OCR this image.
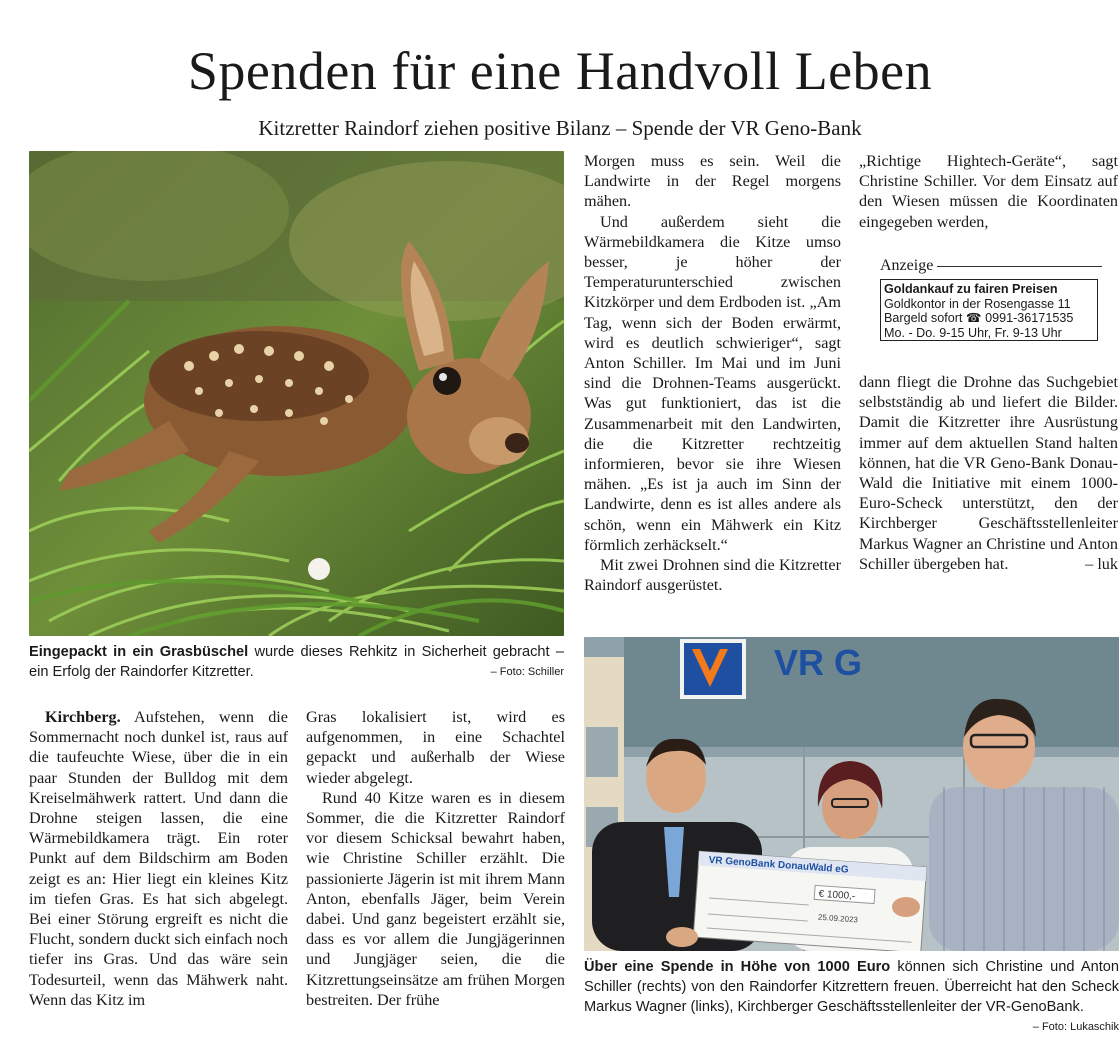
Spenden für eine Handvoll Leben
Kitzretter Raindorf ziehen positive Bilanz – Spende der VR Geno-Bank
Eingepackt in ein Grasbüschel wurde dieses Rehkitz in Sicherheit gebracht – ein Erfolg der Raindorfer Kitzretter.	– Foto: Schiller	VR G
VR GenoBank DonauWald eG
€ 1000,-
25.09.2023
Über eine Spende in Höhe von 1000 Euro können sich Christine und Anton Schiller (rechts) von den Raindorfer Kitzrettern freuen. Überreicht hat den Scheck Markus Wagner (links), Kirchberger Geschäftsstellenleiter der VR-GenoBank.
– Foto: Lukaschik

Kirchberg. Aufstehen, wenn die Sommernacht noch dunkel ist, raus auf die taufeuchte Wiese, über die in ein paar Stunden der Bulldog mit dem Kreiselmähwerk rattert. Und dann die Drohne steigen lassen, die eine Wärmebildkamera trägt. Ein roter Punkt auf dem Bildschirm am Boden zeigt es an: Hier liegt ein kleines Kitz im tiefen Gras. Es hat sich abgelegt. Bei einer Störung ergreift es nicht die Flucht, sondern duckt sich einfach noch tiefer ins Gras. Und das wäre sein Todesurteil, wenn das Mähwerk naht. Wenn das Kitz im

Gras lokalisiert ist, wird es aufgenommen, in eine Schachtel gepackt und außerhalb der Wiese wieder abgelegt.

Rund 40 Kitze waren es in diesem Sommer, die die Kitzretter Raindorf vor diesem Schicksal bewahrt haben, wie Christine Schiller erzählt. Die passionierte Jägerin ist mit ihrem Mann Anton, ebenfalls Jäger, beim Verein dabei. Und ganz begeistert erzählt sie, dass es vor allem die Jungjägerinnen und Jungjäger seien, die die Kitzrettungseinsätze am frühen Morgen bestreiten. Der frühe

Morgen muss es sein. Weil die Landwirte in der Regel morgens mähen.

Und außerdem sieht die Wärmebildkamera die Kitze umso besser, je höher der Temperaturunterschied zwischen Kitzkörper und dem Erdboden ist. „Am Tag, wenn sich der Boden erwärmt, wird es deutlich schwieriger“, sagt Anton Schiller. Im Mai und im Juni sind die Drohnen-Teams ausgerückt. Was gut funktioniert, das ist die Zusammenarbeit mit den Landwirten, die die Kitzretter rechtzeitig informieren, bevor sie ihre Wiesen mähen. „Es ist ja auch im Sinn der Landwirte, denn es ist alles andere als schön, wenn ein Mähwerk ein Kitz förmlich zerhäckselt.“

Mit zwei Drohnen sind die Kitzretter Raindorf ausgerüstet.

„Richtige Hightech-Geräte“, sagt Christine Schiller. Vor dem Einsatz auf den Wiesen müssen die Koordinaten eingegeben werden,

Anzeige
Goldankauf zu fairen Preisen
Goldkontor in der Rosengasse 11
Bargeld sofort ☎ 0991-36171535
Mo. - Do. 9-15 Uhr, Fr. 9-13 Uhr

dann fliegt die Drohne das Suchgebiet selbstständig ab und liefert die Bilder. Damit die Kitzretter ihre Ausrüstung immer auf dem aktuellen Stand halten können, hat die VR Geno-Bank Donau-Wald die Initiative mit einem 1000-Euro-Scheck unterstützt, den der Kirchberger Geschäftsstellenleiter Markus Wagner an Christine und Anton Schiller übergeben hat.	– luk
